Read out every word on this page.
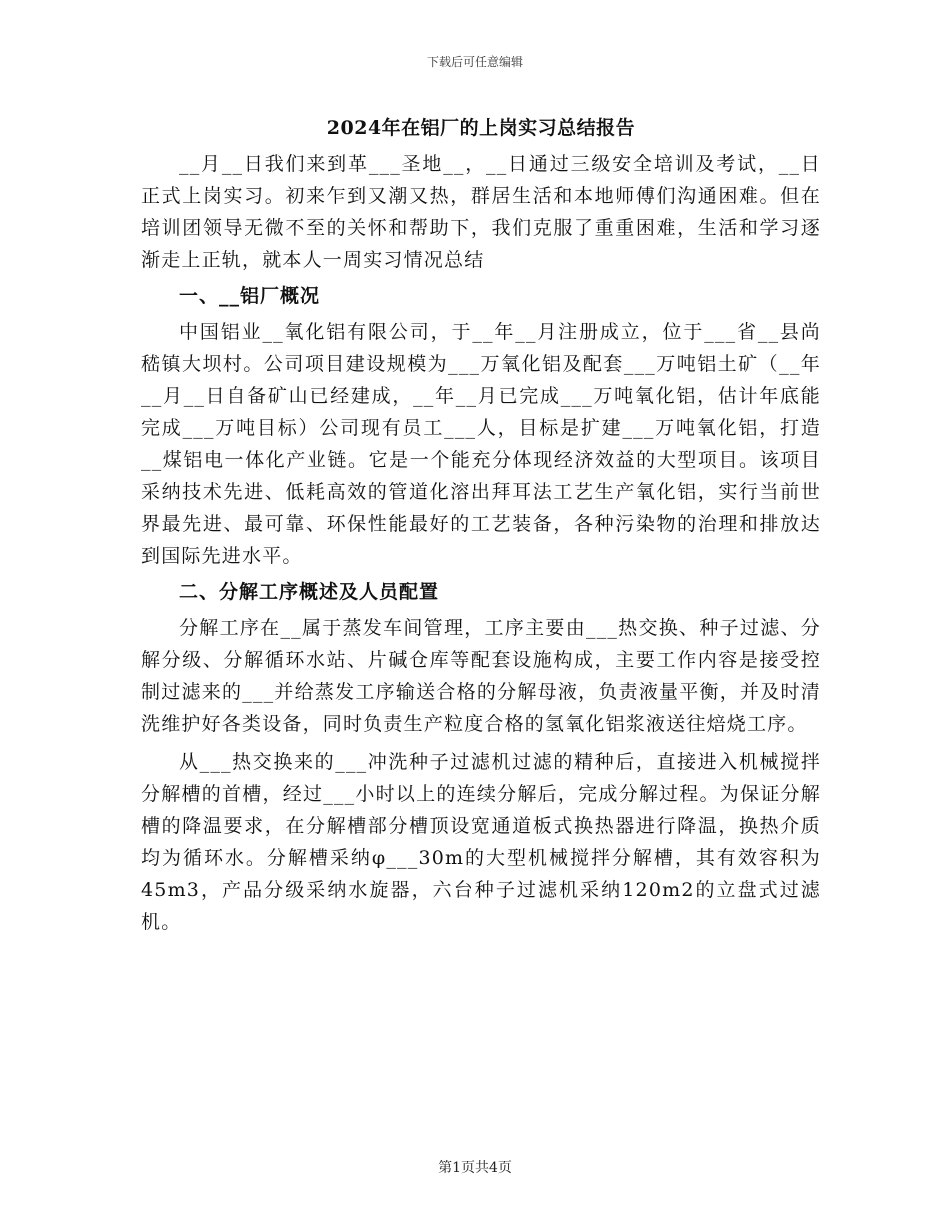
下载后可任意编辑
2024年在铝厂的上岗实习总结报告

__月__日我们来到革___圣地__，__日通过三级安全培训及考试，__日正式上岗实习。初来乍到又潮又热，群居生活和本地师傅们沟通困难。但在培训团领导无微不至的关怀和帮助下，我们克服了重重困难，生活和学习逐渐走上正轨，就本人一周实习情况总结

一、__铝厂概况

中国铝业__氧化铝有限公司，于__年__月注册成立，位于___省__县尚嵇镇大坝村。公司项目建设规模为___万氧化铝及配套___万吨铝土矿（__年__月__日自备矿山已经建成，__年__月已完成___万吨氧化铝，估计年底能完成___万吨目标）公司现有员工___人，目标是扩建___万吨氧化铝，打造__煤铝电一体化产业链。它是一个能充分体现经济效益的大型项目。该项目采纳技术先进、低耗高效的管道化溶出拜耳法工艺生产氧化铝，实行当前世界最先进、最可靠、环保性能最好的工艺装备，各种污染物的治理和排放达到国际先进水平。

二、分解工序概述及人员配置

分解工序在__属于蒸发车间管理，工序主要由___热交换、种子过滤、分解分级、分解循环水站、片碱仓库等配套设施构成，主要工作内容是接受控制过滤来的___并给蒸发工序输送合格的分解母液，负责液量平衡，并及时清洗维护好各类设备，同时负责生产粒度合格的氢氧化铝浆液送往焙烧工序。

从___热交换来的___冲洗种子过滤机过滤的精种后，直接进入机械搅拌分解槽的首槽，经过___小时以上的连续分解后，完成分解过程。为保证分解槽的降温要求，在分解槽部分槽顶设宽通道板式换热器进行降温，换热介质均为循环水。分解槽采纳φ___30m的大型机械搅拌分解槽，其有效容积为45m3，产品分级采纳水旋器，六台种子过滤机采纳120m2的立盘式过滤机。

第1页共4页
